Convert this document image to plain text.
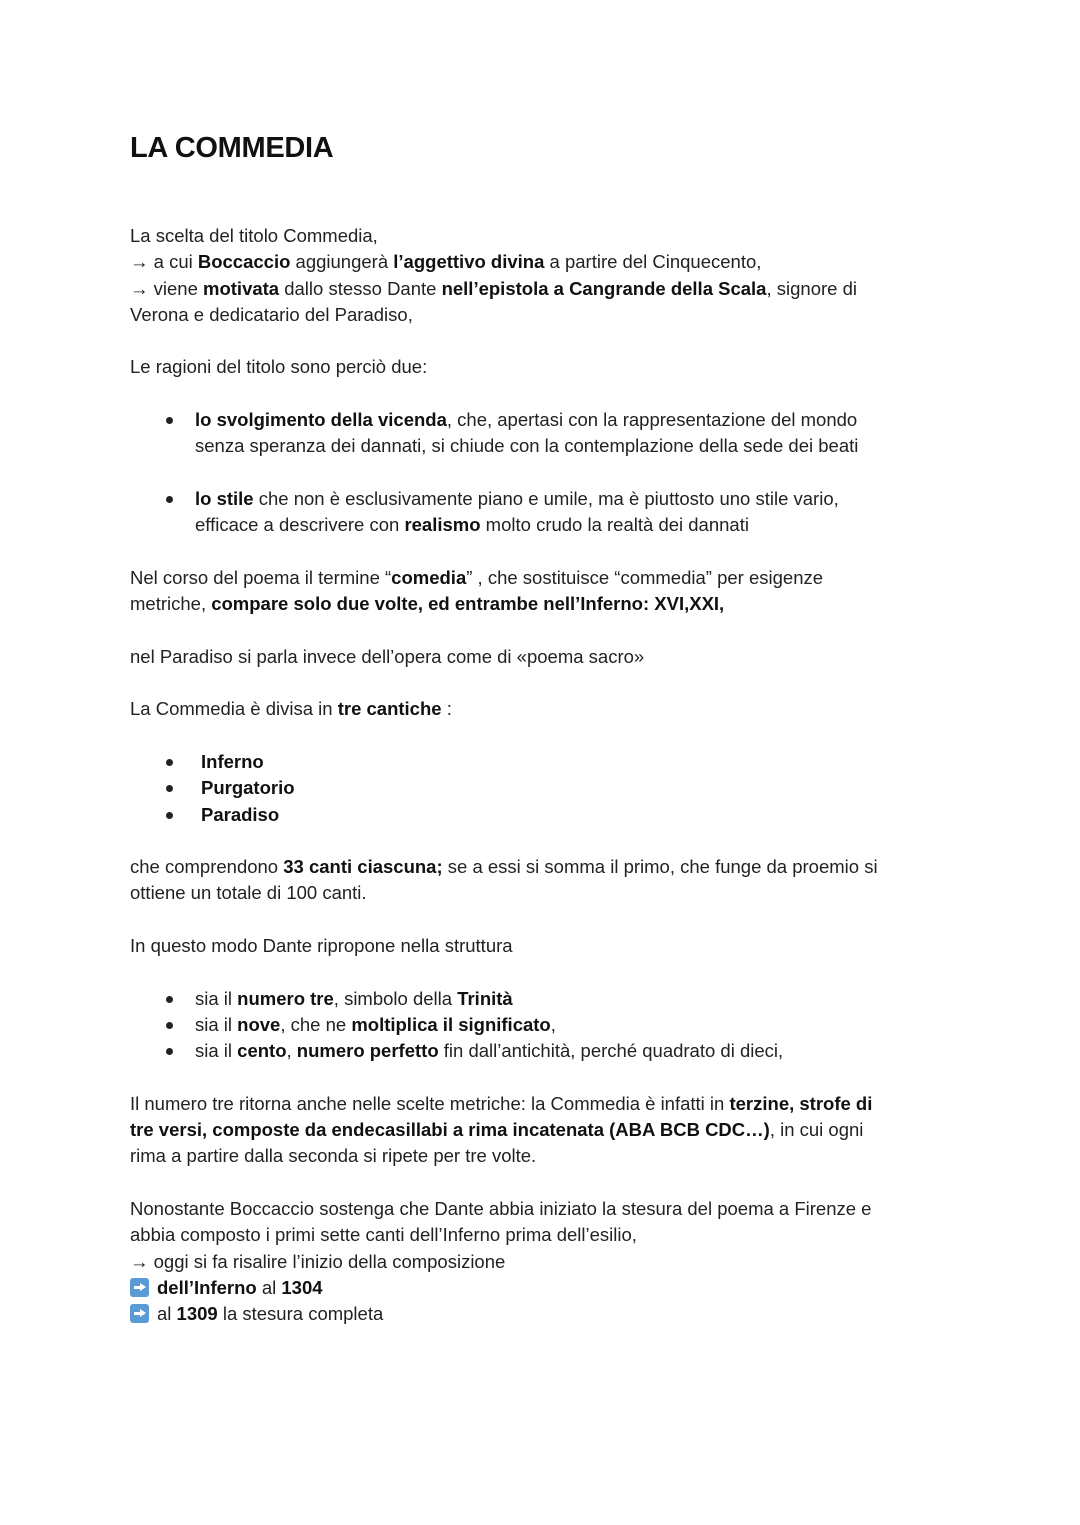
LA COMMEDIA

La scelta del titolo Commedia,

→ a cui Boccaccio aggiungerà l’aggettivo divina a partire del Cinquecento,

→ viene motivata dallo stesso Dante nell’epistola a Cangrande della Scala, signore di

Verona e dedicatario del Paradiso,

Le ragioni del titolo sono perciò due:

lo svolgimento della vicenda, che, apertasi con la rappresentazione del mondo
senza speranza dei dannati, si chiude con la contemplazione della sede dei beati
lo stile che non è esclusivamente piano e umile, ma è piuttosto uno stile vario,
efficace a descrivere con realismo molto crudo la realtà dei dannati

Nel corso del poema il termine “comedia” , che sostituisce “commedia” per esigenze
metriche, compare solo due volte, ed entrambe nell’Inferno: XVI,XXI,

nel Paradiso si parla invece dell’opera come di «poema sacro»

La Commedia è divisa in tre cantiche :

Inferno
Purgatorio
Paradiso

che comprendono 33 canti ciascuna; se a essi si somma il primo, che funge da proemio si
ottiene un totale di 100 canti.

In questo modo Dante ripropone nella struttura

sia il numero tre, simbolo della Trinità
sia il nove, che ne moltiplica il significato,
sia il cento, numero perfetto fin dall’antichità, perché quadrato di dieci,

Il numero tre ritorna anche nelle scelte metriche: la Commedia è infatti in terzine, strofe di
tre versi, composte da endecasillabi a rima incatenata (ABA BCB CDC…), in cui ogni
rima a partire dalla seconda si ripete per tre volte.

Nonostante Boccaccio sostenga che Dante abbia iniziato la stesura del poema a Firenze e

abbia composto i primi sette canti dell’Inferno prima dell’esilio,

→ oggi si fa risalire l’inizio della composizione

dell’Inferno al 1304

al 1309 la stesura completa
